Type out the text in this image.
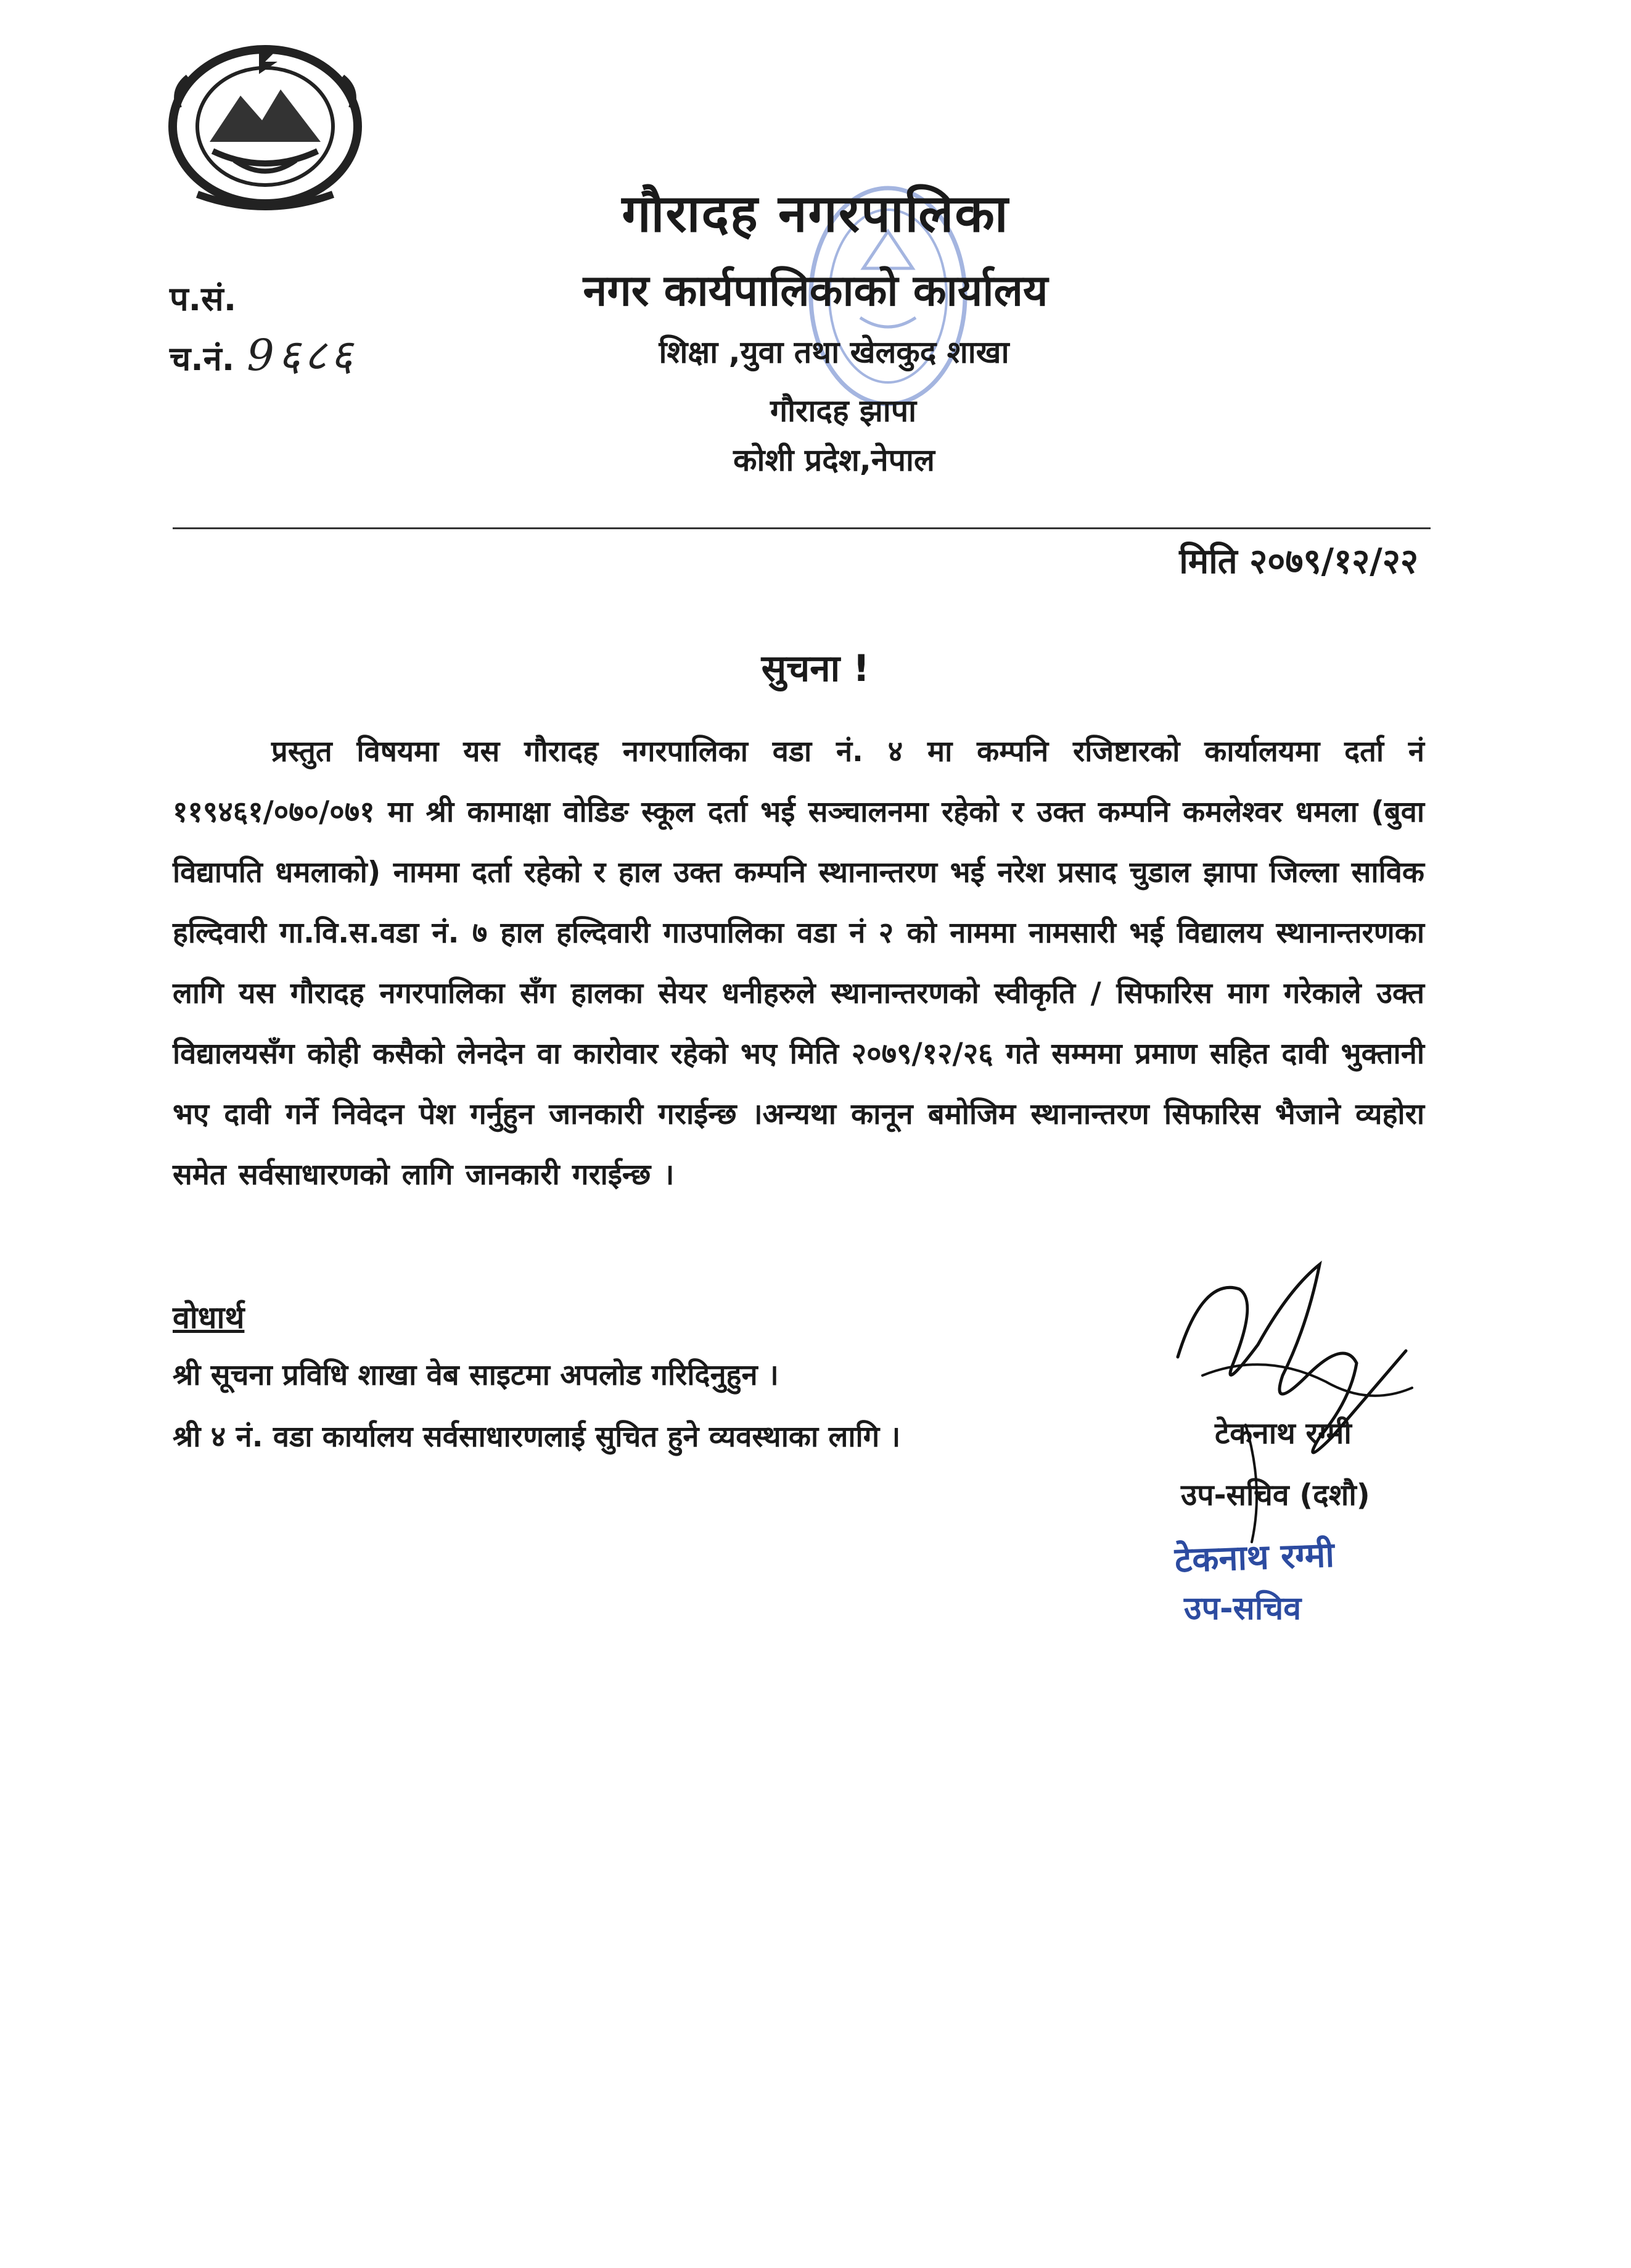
गौरादह नगरपालिका
नगर कार्यपालिकाको कार्यालय
शिक्षा ,युवा तथा खेलकुद शाखा
गौरादह झापा
कोशी प्रदेश,नेपाल
प.सं.
च.नं. 9६८६
मिति २०७९/१२/२२
सुचना !
प्रस्तुत विषयमा यस गौरादह नगरपालिका वडा नं. ४ मा कम्पनि रजिष्टारको कार्यालयमा दर्ता नं ११९४६१/०७०/०७१ मा श्री कामाक्षा वोडिङ स्कूल दर्ता भई सञ्चालनमा रहेको र उक्त कम्पनि कमलेश्वर धमला (बुवा विद्यापति धमलाको) नाममा दर्ता रहेको र हाल उक्त कम्पनि स्थानान्तरण भई नरेश प्रसाद चुडाल झापा जिल्ला साविक हल्दिवारी गा.वि.स.वडा नं. ७ हाल हल्दिवारी गाउपालिका वडा नं २ को नाममा नामसारी भई विद्यालय स्थानान्तरणका लागि यस गौरादह नगरपालिका सँग हालका सेयर धनीहरुले स्थानान्तरणको स्वीकृति / सिफारिस माग गरेकाले उक्त विद्यालयसँग कोही कसैको लेनदेन वा कारोवार रहेको भए मिति २०७९/१२/२६ गते सम्ममा प्रमाण सहित दावी भुक्तानी भए दावी गर्ने निवेदन पेश गर्नुहुन जानकारी गराईन्छ ।अन्यथा कानून बमोजिम स्थानान्तरण सिफारिस भैजाने व्यहोरा समेत सर्वसाधारणको लागि जानकारी गराईन्छ ।
वोधार्थ
श्री सूचना प्रविधि शाखा वेब साइटमा अपलोड गरिदिनुहुन ।
श्री ४ नं. वडा कार्यालय सर्वसाधारणलाई सुचित हुने व्यवस्थाका लागि ।	टेकनाथ रग्मी
उप-सचिव (दशौ)
टेकनाथ रग्मी
उप-सचिव
